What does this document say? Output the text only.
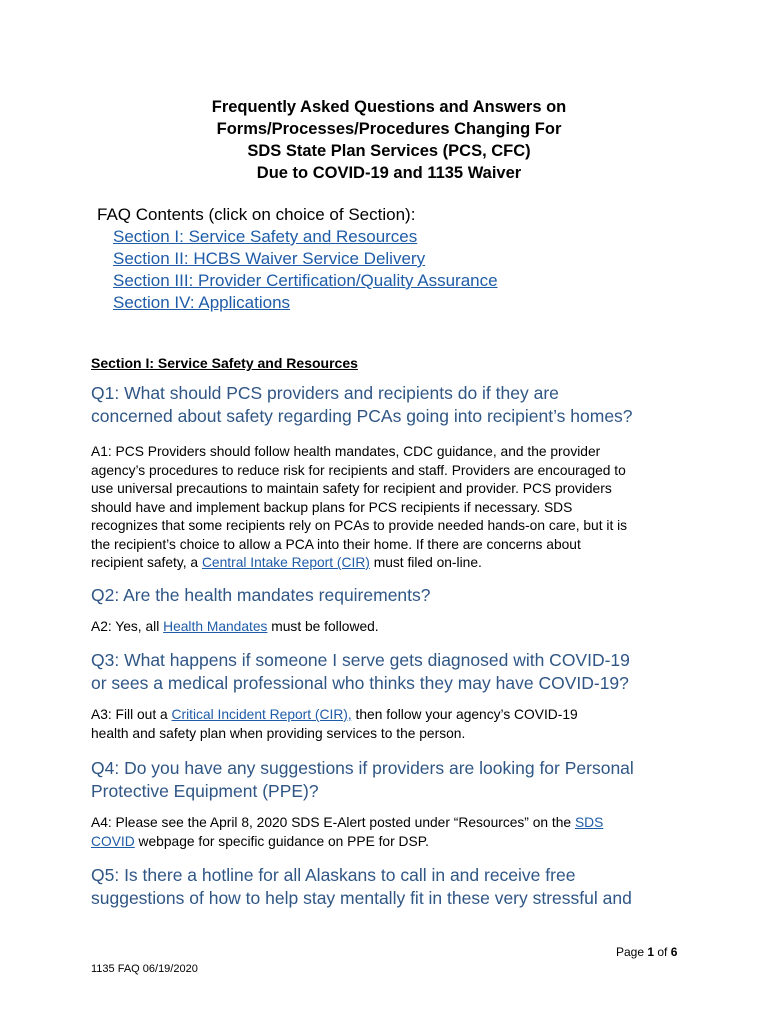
Frequently Asked Questions and Answers on
Forms/Processes/Procedures Changing For
SDS State Plan Services (PCS, CFC)
Due to COVID-19 and 1135 Waiver
FAQ Contents (click on choice of Section):
Section I: Service Safety and Resources
Section II: HCBS Waiver Service Delivery
Section III: Provider Certification/Quality Assurance
Section IV: Applications
Section I: Service Safety and Resources
Q1: What should PCS providers and recipients do if they are
concerned about safety regarding PCAs going into recipient’s homes?
A1: PCS Providers should follow health mandates, CDC guidance, and the provider
agency’s procedures to reduce risk for recipients and staff. Providers are encouraged to
use universal precautions to maintain safety for recipient and provider. PCS providers
should have and implement backup plans for PCS recipients if necessary. SDS
recognizes that some recipients rely on PCAs to provide needed hands-on care, but it is
the recipient’s choice to allow a PCA into their home. If there are concerns about
recipient safety, a Central Intake Report (CIR) must filed on-line.
Q2: Are the health mandates requirements?
A2: Yes, all Health Mandates must be followed.
Q3: What happens if someone I serve gets diagnosed with COVID-19
or sees a medical professional who thinks they may have COVID-19?
A3: Fill out a Critical Incident Report (CIR), then follow your agency’s COVID-19
health and safety plan when providing services to the person.
Q4: Do you have any suggestions if providers are looking for Personal
Protective Equipment (PPE)?
A4: Please see the April 8, 2020 SDS E-Alert posted under “Resources” on the SDS
COVID webpage for specific guidance on PPE for DSP.
Q5: Is there a hotline for all Alaskans to call in and receive free
suggestions of how to help stay mentally fit in these very stressful and
Page 1 of 6
1135 FAQ 06/19/2020
